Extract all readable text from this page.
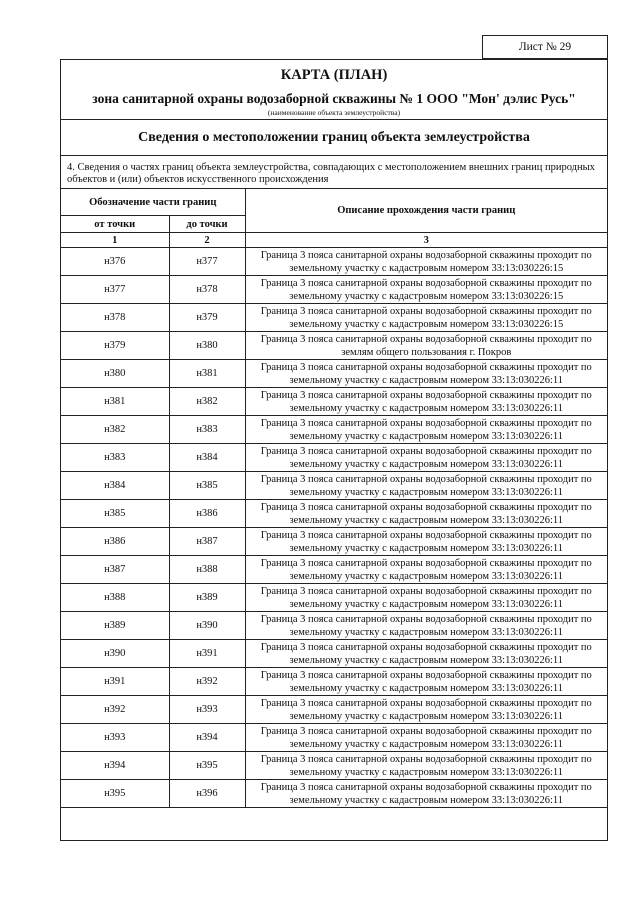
Лист № 29
КАРТА (ПЛАН)
зона санитарной охраны водозаборной скважины № 1 ООО "Мон' дэлис Русь"
(наименование объекта землеустройства)
Сведения о местоположении границ объекта землеустройства
4. Сведения о частях границ объекта землеустройства, совпадающих с местоположением внешних границ природных объектов и (или) объектов искусственного происхождения
Обозначение части границ		Описание прохождения части границ
от точки	до точки	
1	2	3
н376	н377	Граница 3 пояса санитарной охраны водозаборной скважины проходит по земельному участку с кадастровым номером 33:13:030226:15
н377	н378	Граница 3 пояса санитарной охраны водозаборной скважины проходит по земельному участку с кадастровым номером 33:13:030226:15
н378	н379	Граница 3 пояса санитарной охраны водозаборной скважины проходит по земельному участку с кадастровым номером 33:13:030226:15
н379	н380	Граница 3 пояса санитарной охраны водозаборной скважины проходит по землям общего пользования г. Покров
н380	н381	Граница 3 пояса санитарной охраны водозаборной скважины проходит по земельному участку с кадастровым номером 33:13:030226:11
н381	н382	Граница 3 пояса санитарной охраны водозаборной скважины проходит по земельному участку с кадастровым номером 33:13:030226:11
н382	н383	Граница 3 пояса санитарной охраны водозаборной скважины проходит по земельному участку с кадастровым номером 33:13:030226:11
н383	н384	Граница 3 пояса санитарной охраны водозаборной скважины проходит по земельному участку с кадастровым номером 33:13:030226:11
н384	н385	Граница 3 пояса санитарной охраны водозаборной скважины проходит по земельному участку с кадастровым номером 33:13:030226:11
н385	н386	Граница 3 пояса санитарной охраны водозаборной скважины проходит по земельному участку с кадастровым номером 33:13:030226:11
н386	н387	Граница 3 пояса санитарной охраны водозаборной скважины проходит по земельному участку с кадастровым номером 33:13:030226:11
н387	н388	Граница 3 пояса санитарной охраны водозаборной скважины проходит по земельному участку с кадастровым номером 33:13:030226:11
н388	н389	Граница 3 пояса санитарной охраны водозаборной скважины проходит по земельному участку с кадастровым номером 33:13:030226:11
н389	н390	Граница 3 пояса санитарной охраны водозаборной скважины проходит по земельному участку с кадастровым номером 33:13:030226:11
н390	н391	Граница 3 пояса санитарной охраны водозаборной скважины проходит по земельному участку с кадастровым номером 33:13:030226:11
н391	н392	Граница 3 пояса санитарной охраны водозаборной скважины проходит по земельному участку с кадастровым номером 33:13:030226:11
н392	н393	Граница 3 пояса санитарной охраны водозаборной скважины проходит по земельному участку с кадастровым номером 33:13:030226:11
н393	н394	Граница 3 пояса санитарной охраны водозаборной скважины проходит по земельному участку с кадастровым номером 33:13:030226:11
н394	н395	Граница 3 пояса санитарной охраны водозаборной скважины проходит по земельному участку с кадастровым номером 33:13:030226:11
н395	н396	Граница 3 пояса санитарной охраны водозаборной скважины проходит по земельному участку с кадастровым номером 33:13:030226:11
